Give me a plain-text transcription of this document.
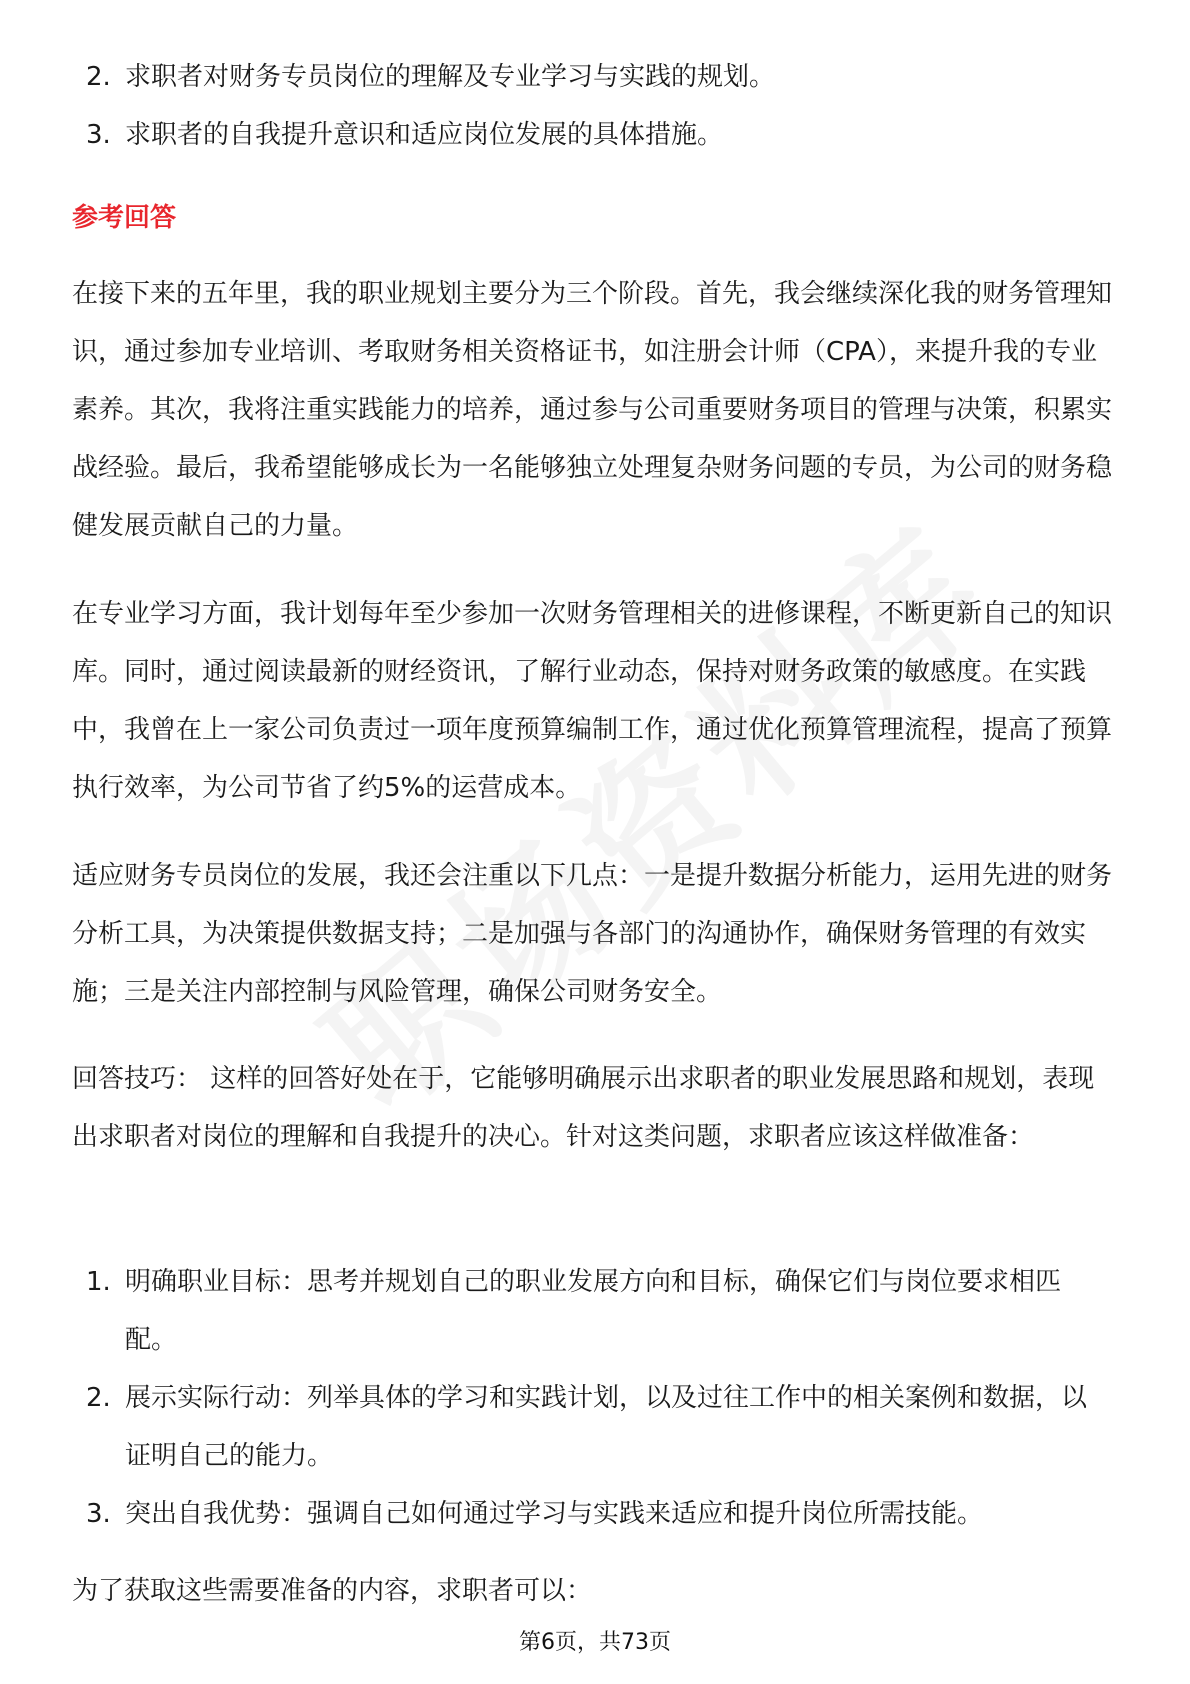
2. 求职者对财务专员岗位的理解及专业学习与实践的规划。
3. 求职者的自我提升意识和适应岗位发展的具体措施。
参考回答

在接下来的五年里，我的职业规划主要分为三个阶段。首先，我会继续深化我的财务管理知识，通过参加专业培训、考取财务相关资格证书，如注册会计师（CPA），来提升我的专业素养。其次，我将注重实践能力的培养，通过参与公司重要财务项目的管理与决策，积累实战经验。最后，我希望能够成长为一名能够独立处理复杂财务问题的专员，为公司的财务稳健发展贡献自己的力量。

在专业学习方面，我计划每年至少参加一次财务管理相关的进修课程，不断更新自己的知识库。同时，通过阅读最新的财经资讯，了解行业动态，保持对财务政策的敏感度。在实践中，我曾在上一家公司负责过一项年度预算编制工作，通过优化预算管理流程，提高了预算执行效率，为公司节省了约5%的运营成本。

适应财务专员岗位的发展，我还会注重以下几点：一是提升数据分析能力，运用先进的财务分析工具，为决策提供数据支持；二是加强与各部门的沟通协作，确保财务管理的有效实施；三是关注内部控制与风险管理，确保公司财务安全。

回答技巧： 这样的回答好处在于，它能够明确展示出求职者的职业发展思路和规划，表现出求职者对岗位的理解和自我提升的决心。针对这类问题，求职者应该这样做准备：

1. 明确职业目标：思考并规划自己的职业发展方向和目标，确保它们与岗位要求相匹配。
2. 展示实际行动：列举具体的学习和实践计划，以及过往工作中的相关案例和数据，以证明自己的能力。
3. 突出自我优势：强调自己如何通过学习与实践来适应和提升岗位所需技能。

为了获取这些需要准备的内容，求职者可以：

第6页，共73页
